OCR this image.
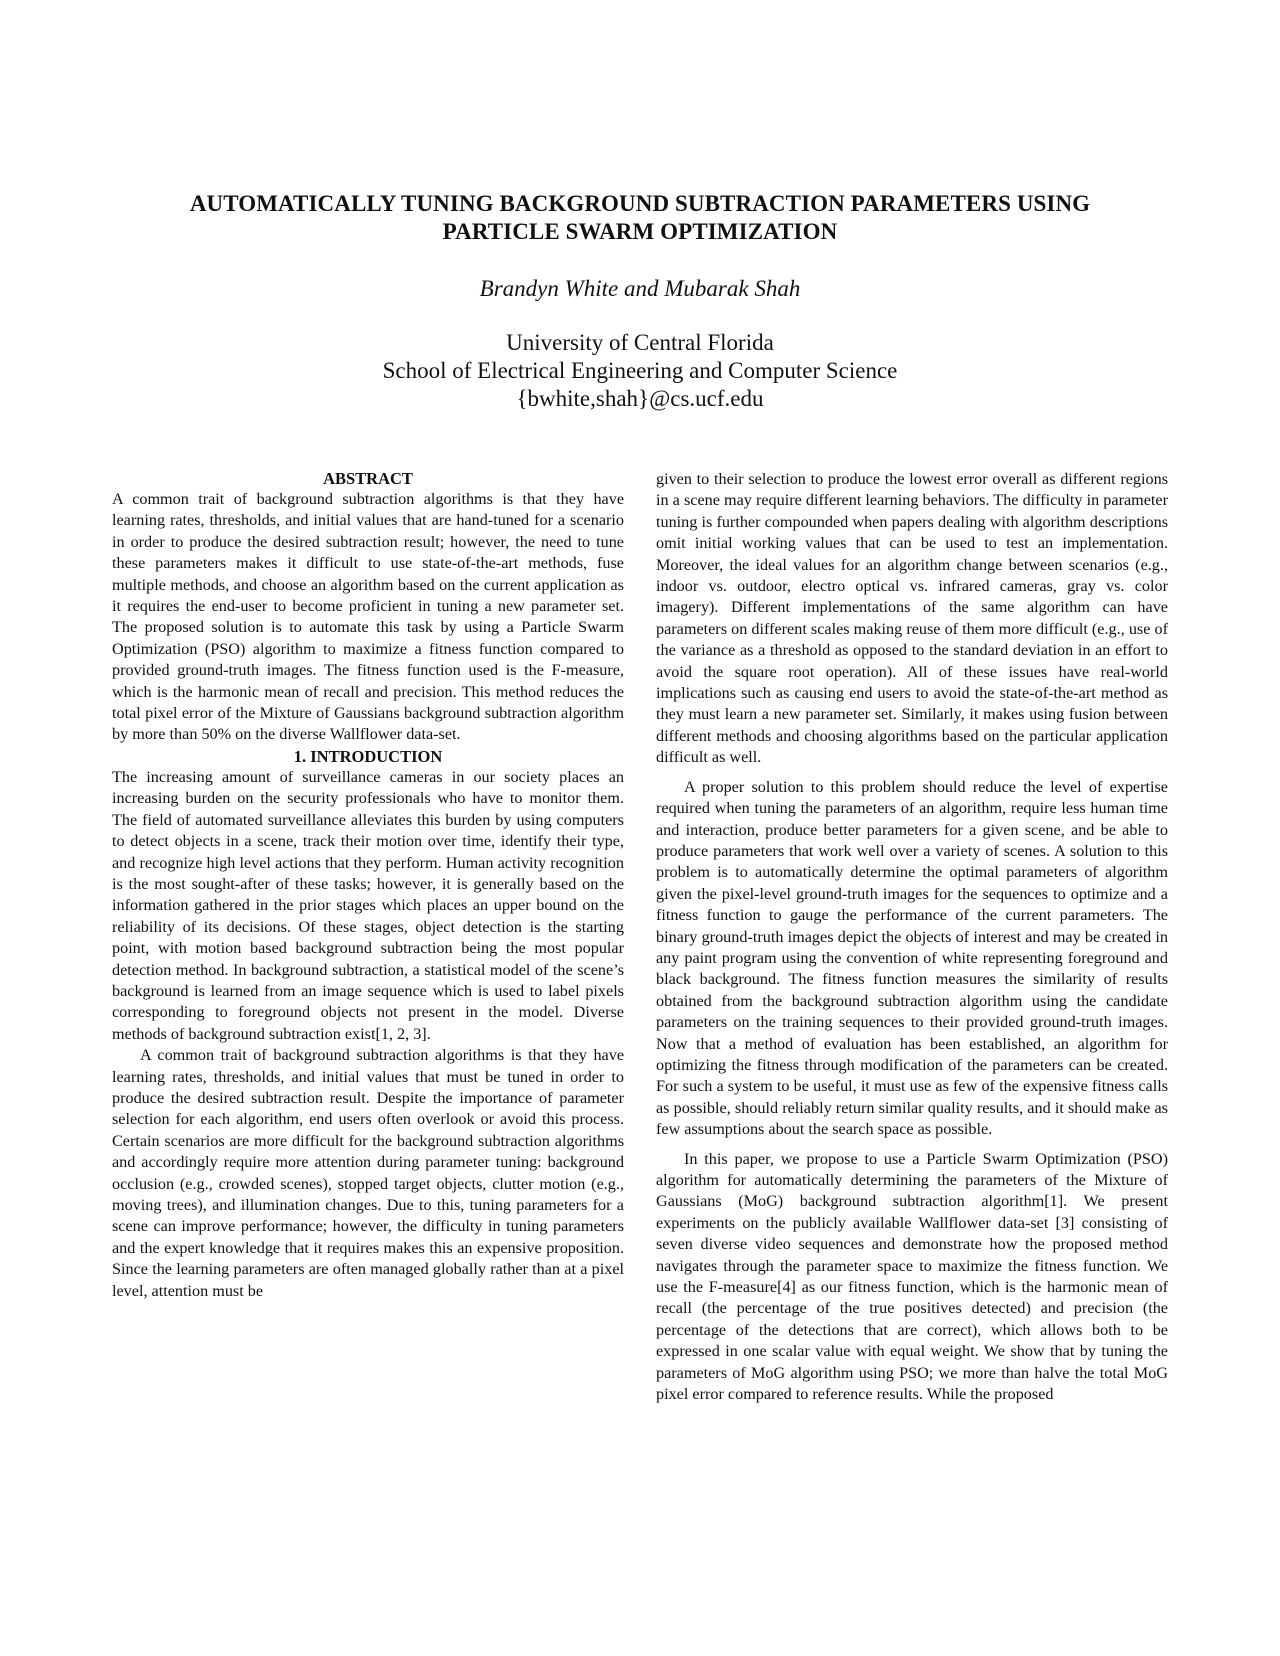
AUTOMATICALLY TUNING BACKGROUND SUBTRACTION PARAMETERS USING
PARTICLE SWARM OPTIMIZATION
Brandyn White and Mubarak Shah
University of Central Florida
School of Electrical Engineering and Computer Science
{bwhite,shah}@cs.ucf.edu

ABSTRACT

A common trait of background subtraction algorithms is that they have learning rates, thresholds, and initial values that are hand-tuned for a scenario in order to produce the desired subtraction result; however, the need to tune these parameters makes it difficult to use state-of-the-art methods, fuse multiple methods, and choose an algorithm based on the current application as it requires the end-user to become proficient in tuning a new parameter set. The proposed solution is to automate this task by using a Particle Swarm Optimization (PSO) algorithm to maximize a fitness function compared to provided ground-truth images. The fitness function used is the F-measure, which is the harmonic mean of recall and precision. This method reduces the total pixel error of the Mixture of Gaussians background subtraction algorithm by more than 50% on the diverse Wallflower data-set.

1. INTRODUCTION

The increasing amount of surveillance cameras in our society places an increasing burden on the security professionals who have to monitor them. The field of automated surveillance alleviates this burden by using computers to detect objects in a scene, track their motion over time, identify their type, and recognize high level actions that they perform. Human activity recognition is the most sought-after of these tasks; however, it is generally based on the information gathered in the prior stages which places an upper bound on the reliability of its decisions. Of these stages, object detection is the starting point, with motion based background subtraction being the most popular detection method. In background subtraction, a statistical model of the scene’s background is learned from an image sequence which is used to label pixels corresponding to foreground objects not present in the model. Diverse methods of background subtraction exist[1, 2, 3].

A common trait of background subtraction algorithms is that they have learning rates, thresholds, and initial values that must be tuned in order to produce the desired subtraction result. Despite the importance of parameter selection for each algorithm, end users often overlook or avoid this process. Certain scenarios are more difficult for the background subtraction algorithms and accordingly require more attention during parameter tuning: background occlusion (e.g., crowded scenes), stopped target objects, clutter motion (e.g., moving trees), and illumination changes. Due to this, tuning parameters for a scene can improve performance; however, the difficulty in tuning parameters and the expert knowledge that it requires makes this an expensive proposition. Since the learning parameters are often managed globally rather than at a pixel level, attention must be

given to their selection to produce the lowest error overall as different regions in a scene may require different learning behaviors. The difficulty in parameter tuning is further compounded when papers dealing with algorithm descriptions omit initial working values that can be used to test an implementation. Moreover, the ideal values for an algorithm change between scenarios (e.g., indoor vs. outdoor, electro optical vs. infrared cameras, gray vs. color imagery). Different implementations of the same algorithm can have parameters on different scales making reuse of them more difficult (e.g., use of the variance as a threshold as opposed to the standard deviation in an effort to avoid the square root operation). All of these issues have real-world implications such as causing end users to avoid the state-of-the-art method as they must learn a new parameter set. Similarly, it makes using fusion between different methods and choosing algorithms based on the particular application difficult as well.

A proper solution to this problem should reduce the level of expertise required when tuning the parameters of an algorithm, require less human time and interaction, produce better parameters for a given scene, and be able to produce parameters that work well over a variety of scenes. A solution to this problem is to automatically determine the optimal parameters of algorithm given the pixel-level ground-truth images for the sequences to optimize and a fitness function to gauge the performance of the current parameters. The binary ground-truth images depict the objects of interest and may be created in any paint program using the convention of white representing foreground and black background. The fitness function measures the similarity of results obtained from the background subtraction algorithm using the candidate parameters on the training sequences to their provided ground-truth images. Now that a method of evaluation has been established, an algorithm for optimizing the fitness through modification of the parameters can be created. For such a system to be useful, it must use as few of the expensive fitness calls as possible, should reliably return similar quality results, and it should make as few assumptions about the search space as possible.

In this paper, we propose to use a Particle Swarm Optimization (PSO) algorithm for automatically determining the parameters of the Mixture of Gaussians (MoG) background subtraction algorithm[1]. We present experiments on the publicly available Wallflower data-set [3] consisting of seven diverse video sequences and demonstrate how the proposed method navigates through the parameter space to maximize the fitness function. We use the F-measure[4] as our fitness function, which is the harmonic mean of recall (the percentage of the true positives detected) and precision (the percentage of the detections that are correct), which allows both to be expressed in one scalar value with equal weight. We show that by tuning the parameters of MoG algorithm using PSO; we more than halve the total MoG pixel error compared to reference results. While the proposed
